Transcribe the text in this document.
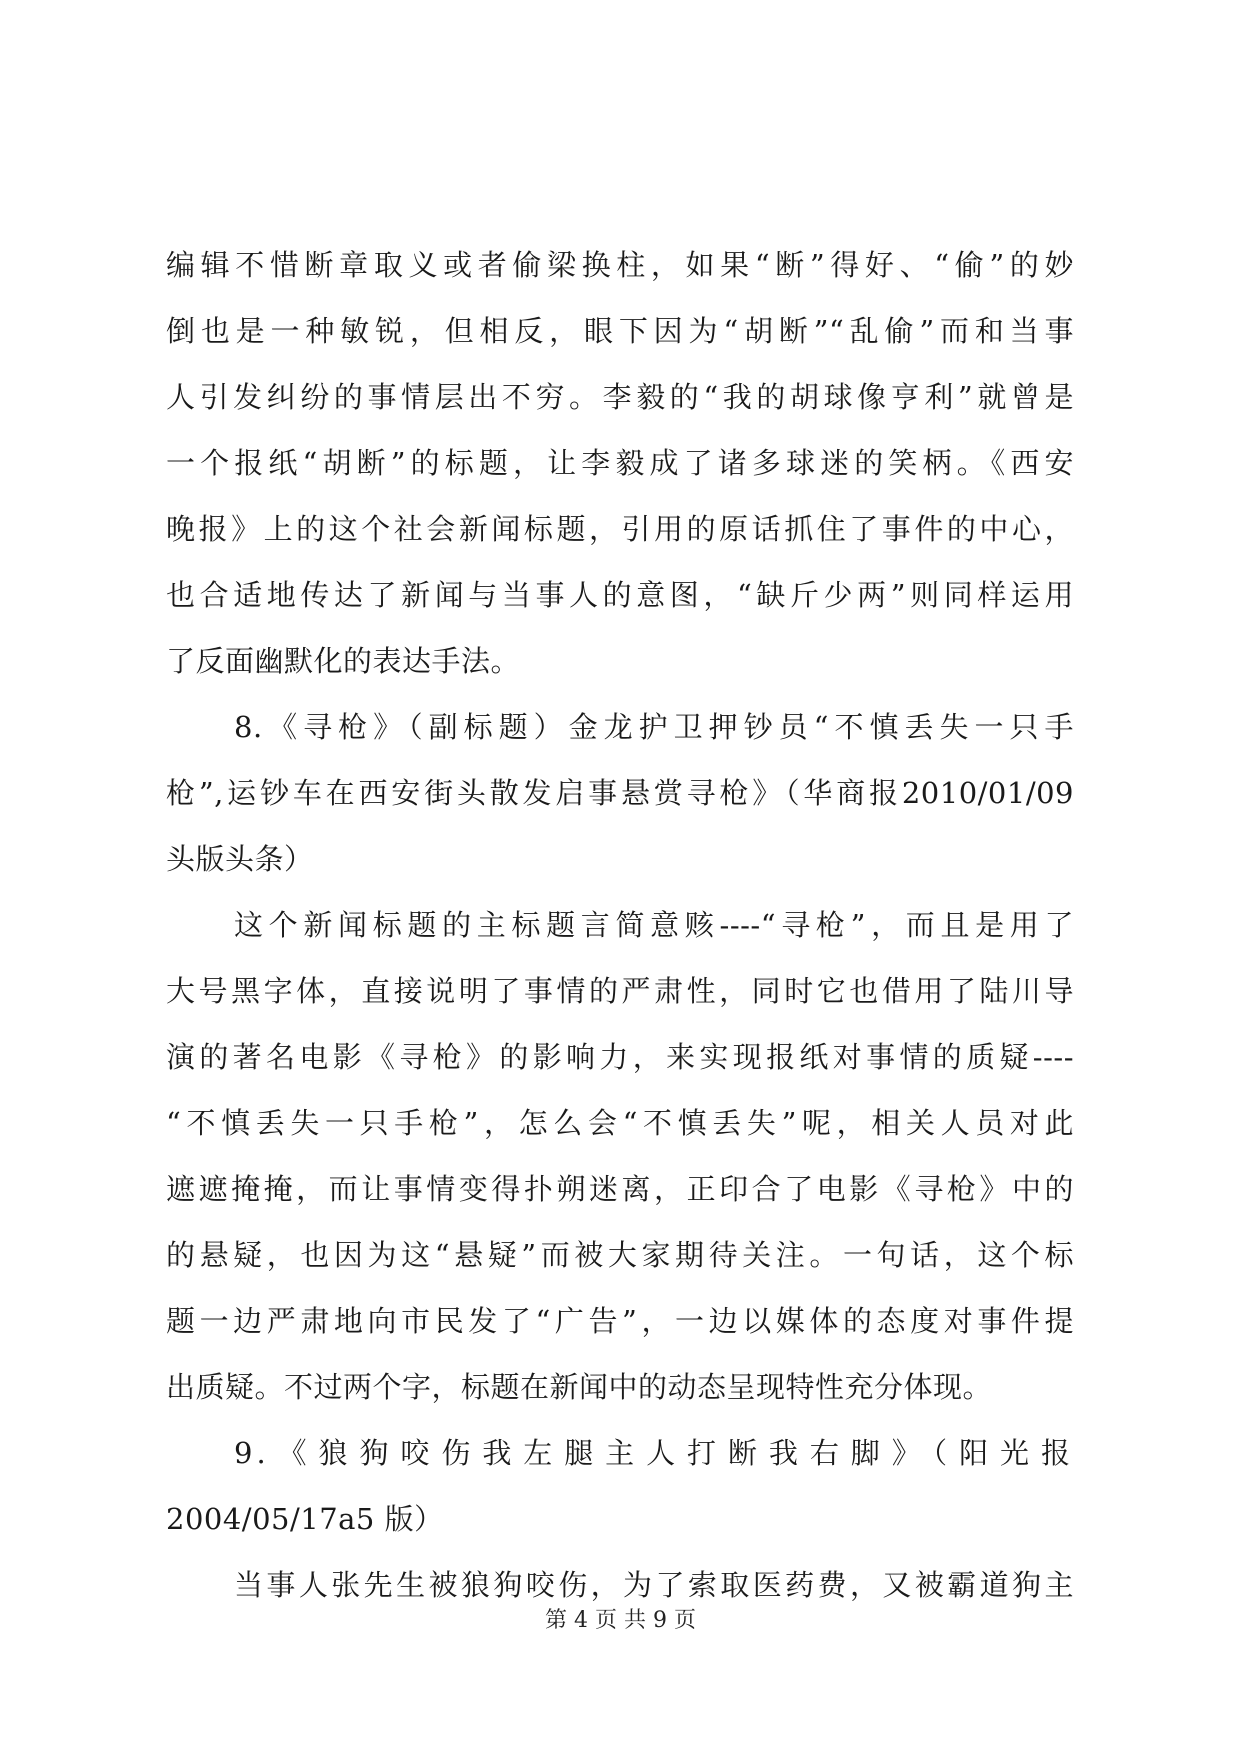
编辑不惜断章取义或者偷梁换柱，如果“断”得好、“偷”的妙
倒也是一种敏锐，但相反，眼下因为“胡断”“乱偷”而和当事
人引发纠纷的事情层出不穷。李毅的“我的胡球像亨利”就曾是
一个报纸“胡断”的标题，让李毅成了诸多球迷的笑柄。《西安
晚报》上的这个社会新闻标题，引用的原话抓住了事件的中心，
也合适地传达了新闻与当事人的意图，“缺斤少两”则同样运用
了反面幽默化的表达手法。
8.《寻枪》（副标题）金龙护卫押钞员“不慎丢失一只手
枪”,运钞车在西安街头散发启事悬赏寻枪》（华商报2010/01/09
头版头条）
这个新闻标题的主标题言简意赅----“寻枪”，而且是用了
大号黑字体，直接说明了事情的严肃性，同时它也借用了陆川导
演的著名电影《寻枪》的影响力，来实现报纸对事情的质疑----
“不慎丢失一只手枪”，怎么会“不慎丢失”呢，相关人员对此
遮遮掩掩，而让事情变得扑朔迷离，正印合了电影《寻枪》中的
的悬疑，也因为这“悬疑”而被大家期待关注。一句话，这个标
题一边严肃地向市民发了“广告”，一边以媒体的态度对事件提
出质疑。不过两个字，标题在新闻中的动态呈现特性充分体现。
9.《狼狗咬伤我左腿主人打断我右脚》（阳光报
2004/05/17a5 版）
当事人张先生被狼狗咬伤，为了索取医药费，又被霸道狗主
第 4 页 共 9 页
